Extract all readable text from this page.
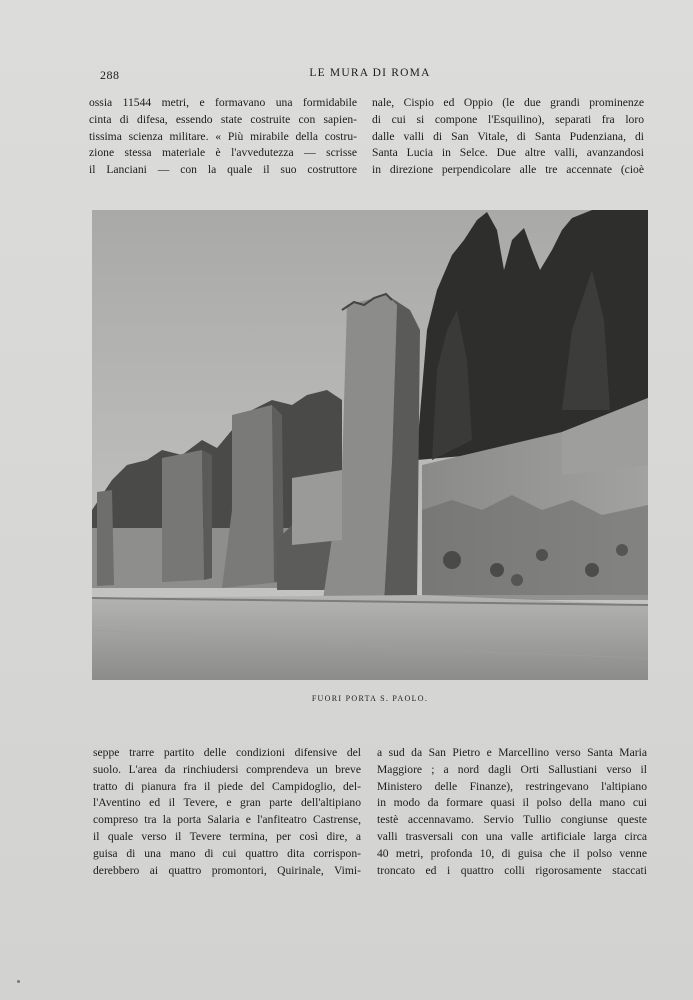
288	LE MURA DI ROMA
ossia 11544 metri, e formavano una formidabile
cinta di difesa, essendo state costruite con sapien-
tissima scienza militare. « Più mirabile della costru-
zione stessa materiale è l'avvedutezza — scrisse
il Lanciani — con la quale il suo costruttore
nale, Cispio ed Oppio (le due grandi prominenze
di cui si compone l'Esquilino), separati fra loro
dalle valli di San Vitale, di Santa Pudenziana, di
Santa Lucia in Selce. Due altre valli, avanzandosi
in direzione perpendicolare alle tre accennate (cioè
FUORI PORTA S. PAOLO.
seppe trarre partito delle condizioni difensive del
suolo. L'area da rinchiudersi comprendeva un breve
tratto di pianura fra il piede del Campidoglio, del-
l'Aventino ed il Tevere, e gran parte dell'altipiano
compreso tra la porta Salaria e l'anfiteatro Castrense,
il quale verso il Tevere termina, per così dire, a
guisa di una mano di cui quattro dita corrispon-
derebbero ai quattro promontori, Quirinale, Vimi-
a sud da San Pietro e Marcellino verso Santa Maria
Maggiore ; a nord dagli Orti Sallustiani verso il
Ministero delle Finanze), restringevano l'altipiano
in modo da formare quasi il polso della mano cui
testè accennavamo. Servio Tullio congiunse queste
valli trasversali con una valle artificiale larga circa
40 metri, profonda 10, di guisa che il polso venne
troncato ed i quattro colli rigorosamente staccati
